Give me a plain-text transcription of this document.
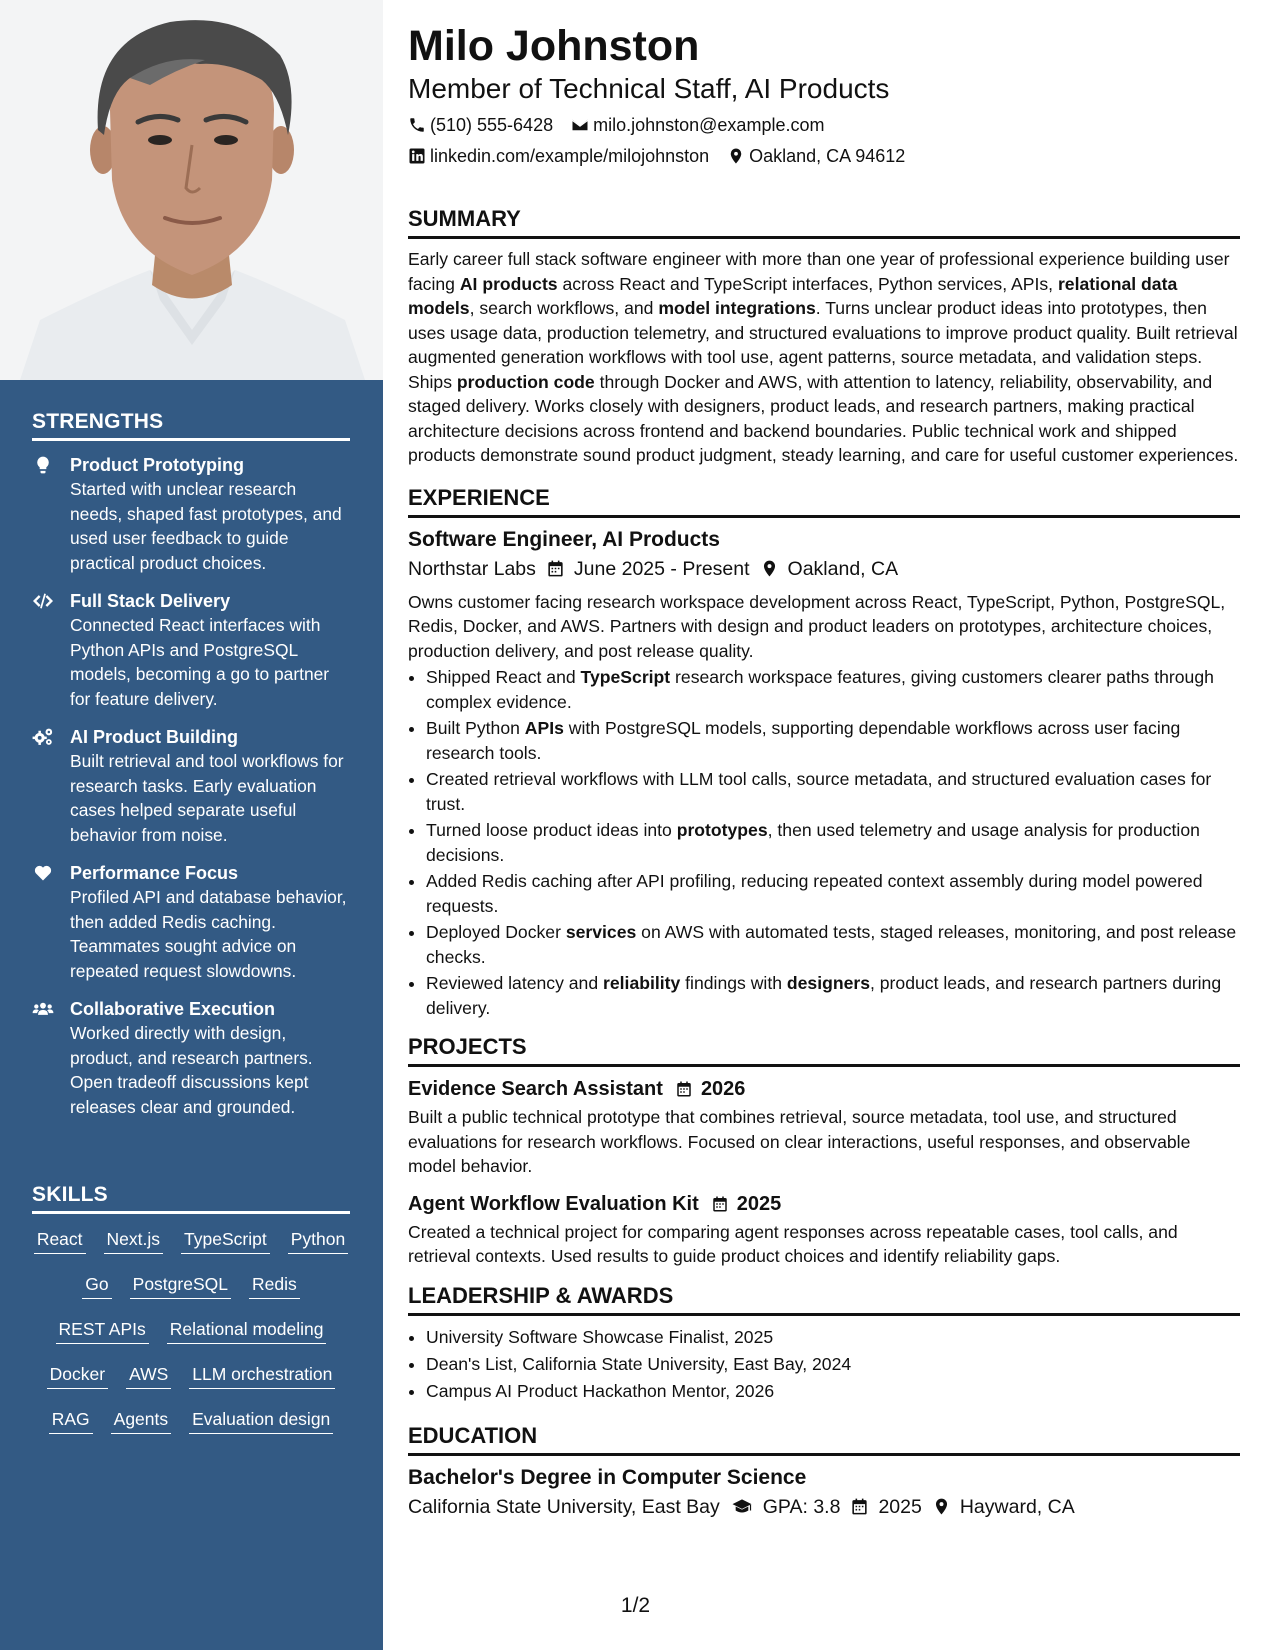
STRENGTHS
Product Prototyping
Started with unclear research needs, shaped fast prototypes, and used user feedback to guide practical product choices.
Full Stack Delivery
Connected React interfaces with Python APIs and PostgreSQL models, becoming a go to partner for feature delivery.
AI Product Building
Built retrieval and tool workflows for research tasks. Early evaluation cases helped separate useful behavior from noise.
Performance Focus
Profiled API and database behavior, then added Redis caching. Teammates sought advice on repeated request slowdowns.
Collaborative Execution
Worked directly with design, product, and research partners. Open tradeoff discussions kept releases clear and grounded.
SKILLS
React Next.js TypeScript Python
Go PostgreSQL Redis
REST APIs Relational modeling
Docker AWS LLM orchestration
RAG Agents Evaluation design
Milo Johnston
Member of Technical Staff, AI Products
(510) 555-6428 milo.johnston@example.com
linkedin.com/example/milojohnston Oakland, CA 94612
SUMMARY
Early career full stack software engineer with more than one year of professional experience building user facing AI products across React and TypeScript interfaces, Python services, APIs, relational data models, search workflows, and model integrations. Turns unclear product ideas into prototypes, then uses usage data, production telemetry, and structured evaluations to improve product quality. Built retrieval augmented generation workflows with tool use, agent patterns, source metadata, and validation steps. Ships production code through Docker and AWS, with attention to latency, reliability, observability, and staged delivery. Works closely with designers, product leads, and research partners, making practical architecture decisions across frontend and backend boundaries. Public technical work and shipped products demonstrate sound product judgment, steady learning, and care for useful customer experiences.
EXPERIENCE
Software Engineer, AI Products
Northstar Labs June 2025 - Present Oakland, CA
Owns customer facing research workspace development across React, TypeScript, Python, PostgreSQL, Redis, Docker, and AWS. Partners with design and product leaders on prototypes, architecture choices, production delivery, and post release quality.
• Shipped React and TypeScript research workspace features, giving customers clearer paths through complex evidence.
• Built Python APIs with PostgreSQL models, supporting dependable workflows across user facing research tools.
• Created retrieval workflows with LLM tool calls, source metadata, and structured evaluation cases for trust.
• Turned loose product ideas into prototypes, then used telemetry and usage analysis for production decisions.
• Added Redis caching after API profiling, reducing repeated context assembly during model powered requests.
• Deployed Docker services on AWS with automated tests, staged releases, monitoring, and post release checks.
• Reviewed latency and reliability findings with designers, product leads, and research partners during delivery.
PROJECTS
Evidence Search Assistant 2026
Built a public technical prototype that combines retrieval, source metadata, tool use, and structured evaluations for research workflows. Focused on clear interactions, useful responses, and observable model behavior.
Agent Workflow Evaluation Kit 2025
Created a technical project for comparing agent responses across repeatable cases, tool calls, and retrieval contexts. Used results to guide product choices and identify reliability gaps.
LEADERSHIP & AWARDS
• University Software Showcase Finalist, 2025
• Dean's List, California State University, East Bay, 2024
• Campus AI Product Hackathon Mentor, 2026
EDUCATION
Bachelor's Degree in Computer Science
California State University, East Bay GPA: 3.8 2025 Hayward, CA
1/2
